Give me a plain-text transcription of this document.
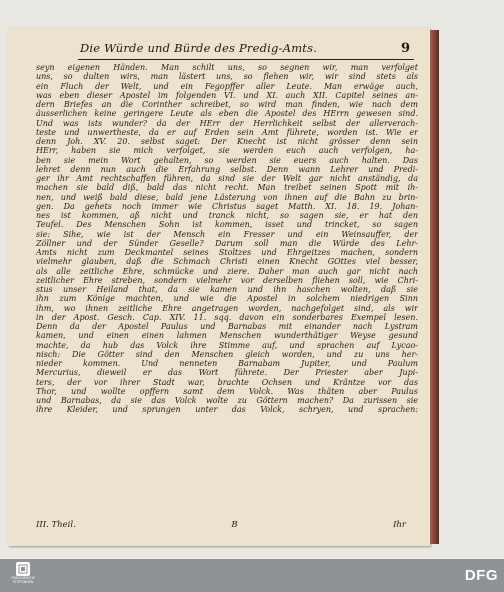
Die Würde und Bürde des Predig-Amts.	9
seyn eigenen Händen. Man schilt uns, so segnen wir, man verfolget
uns, so dulten wirs, man lästert uns, so flehen wir, wir sind stets als
ein Fluch der Welt, und ein Fegopffer aller Leute. Man erwäge auch,
was eben dieser Apostel im folgenden VI. und XI. auch XII. Capitel seines an-
dern Briefes an die Corinther schreibet, so wird man finden, wie nach dem
äusserlichen keine geringere Leute als eben die Apostel des HErrn gewesen sind.
Und was ists wunder? da der HErr der Herrlichkeit selbst der allerverach-
teste und unwertheste, da er auf Erden sein Amt führete, worden ist. Wie er
denn Joh. XV. 20. selbst saget: Der Knecht ist nicht grösser denn sein
HErr, haben sie mich verfolget, sie werden euch auch verfolgen, ha-
ben sie mein Wort gehalten, so werden sie euers auch halten. Das
lehret denn nun auch die Erfahrung selbst. Denn wann Lehrer und Predi-
ger ihr Amt rechtschaffen führen, da sind sie der Welt gar nicht anständig, da
machen sie bald diß, bald das nicht recht. Man treibet seinen Spott mit ih-
nen, und weiß bald diese, bald jene Lästerung von ihnen auf die Bahn zu brin-
gen. Da gehets noch immer wie Christus saget Matth. XI. 18. 19. Johan-
nes ist kommen, aß nicht und tranck nicht, so sagen sie, er hat den
Teufel. Des Menschen Sohn ist kommen, isset und trincket, so sagen
sie: Sihe, wie ist der Mensch ein Fresser und ein Weinsauffer, der
Zöllner und der Sünder Geselle? Darum soll man die Würde des Lehr-
Amts nicht zum Deckmantel seines Stoltzes und Ehrgeitzes machen, sondern
vielmehr glauben, daß die Schmach Christi einen Knecht GOttes viel besser,
als alle zeitliche Ehre, schmücke und ziere. Daher man auch gar nicht nach
zeitlicher Ehre streben, sondern vielmehr vor derselben fliehen soll, wie Chri-
stus unser Heiland that, da sie kamen und ihn haschen wolten, daß sie
ihn zum Könige machten, und wie die Apostel in solchem niedrigen Sinn
ihm, wo ihnen zeitliche Ehre angetragen worden, nachgefolget sind, als wir
in der Apost. Gesch. Cap. XIV. 11. sqq. davon ein sonderbares Exempel lesen.
Denn da der Apostel Paulus und Barnabas mit einander nach Lystram
kamen, und einen einen lahmen Menschen wunderthätiger Weyse gesund
machte, da hub das Volck ihre Stimme auf, und sprachen auf Lycao-
nisch: Die Götter sind den Menschen gleich worden, und zu uns her-
nieder kommen. Und nenneten Barnabam Jupiter, und Paulum
Mercurius, dieweil er das Wort führete. Der Priester aber Jupi-
ters, der vor ihrer Stadt war, brachte Ochsen und Kräntze vor das
Thor, und wollte opffern samt dem Volck. Was thäten aber Paulus
und Barnabas, da sie das Volck wolte zu Göttern machen? Da zurissen sie
ihre Kleider, und sprungen unter das Volck, schryen, und sprachen:
III. Theil.	B	Ihr
FRANCKESCHE
STIFTUNGEN	DFG
